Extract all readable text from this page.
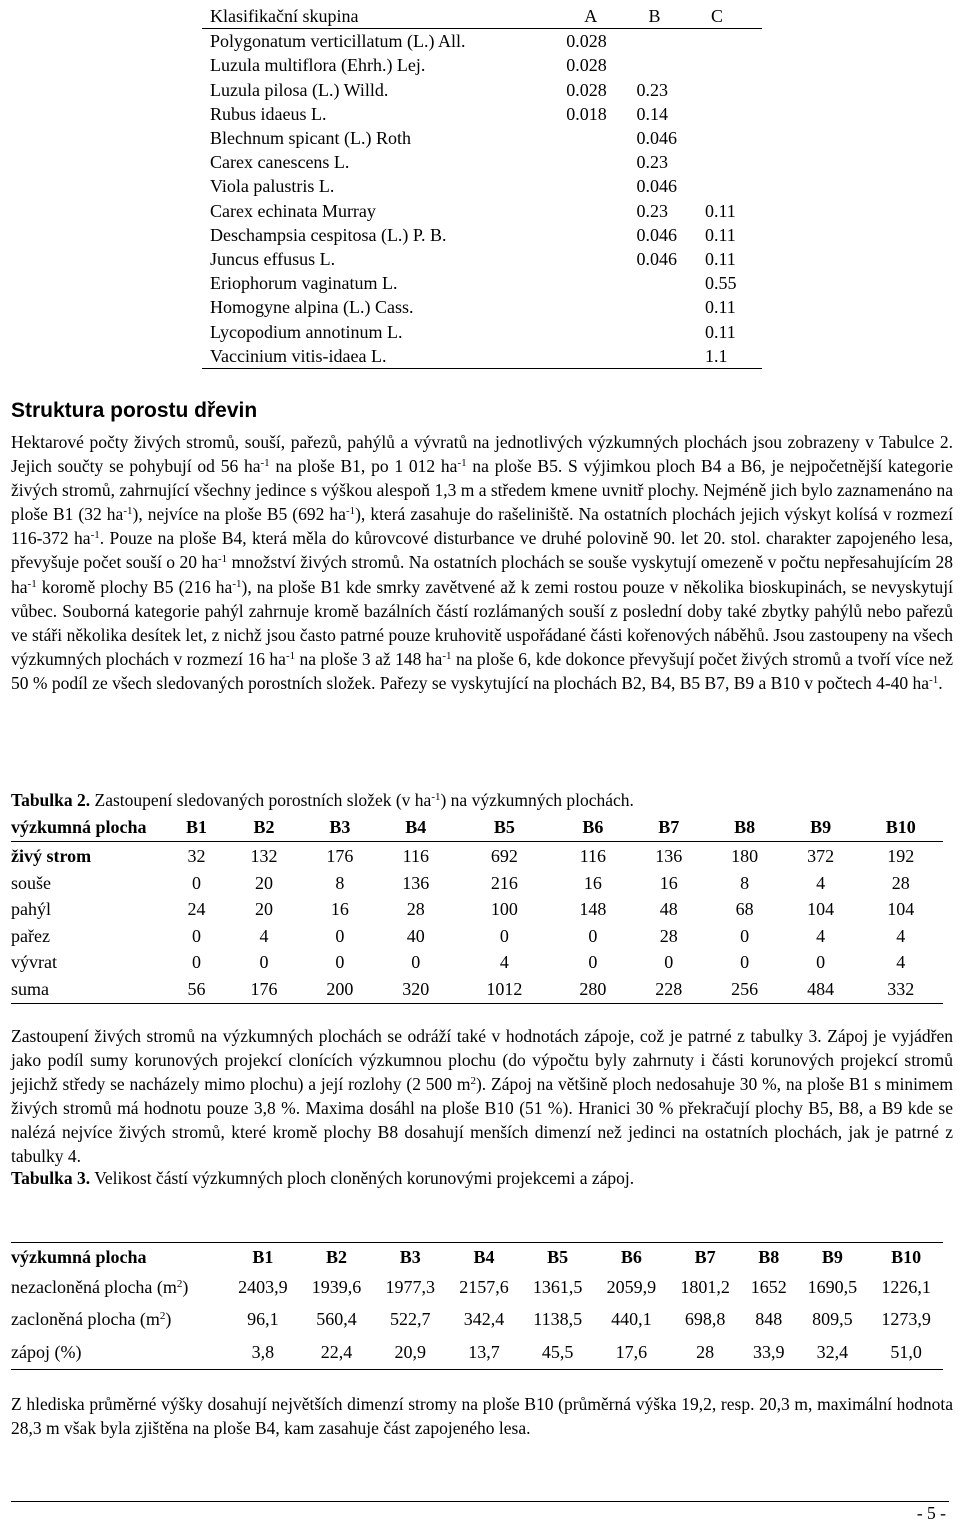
Klasifikační skupina	A	B	C
Polygonatum verticillatum (L.) All.	0.028		
Luzula multiflora (Ehrh.) Lej.	0.028		
Luzula pilosa (L.) Willd.	0.028	0.23	
Rubus idaeus L.	0.018	0.14	
Blechnum spicant (L.) Roth		0.046	
Carex canescens L.		0.23	
Viola palustris L.		0.046	
Carex echinata Murray		0.23	0.11
Deschampsia cespitosa (L.) P. B.		0.046	0.11
Juncus effusus L.		0.046	0.11
Eriophorum vaginatum L.			0.55
Homogyne alpina (L.) Cass.			0.11
Lycopodium annotinum L.			0.11
Vaccinium vitis-idaea L.			1.1
Struktura porostu dřevin

Hektarové počty živých stromů, souší, pařezů, pahýlů a vývratů na jednotlivých výzkumných plochách jsou zobrazeny v Tabulce 2. Jejich součty se pohybují od 56 $ha^{-1}$ na ploše B1, po 1 012 $ha^{-1}$ na ploše B5. S výjimkou ploch B4 a B6, je nejpočetnější kategorie živých stromů, zahrnující všechny jedince s výškou alespoň 1,3 m a středem kmene uvnitř plochy. Nejméně jich bylo zaznamenáno na ploše B1 (32 $ha^{-1}$), nejvíce na ploše B5 (692 $ha^{-1}$), která zasahuje do rašeliniště. Na ostatních plochách jejich výskyt kolísá v rozmezí 116-372 $ha^{-1}$. Pouze na ploše B4, která měla do kůrovcové disturbance ve druhé polovině 90. let 20. stol. charakter zapojeného lesa, převyšuje počet souší o 20 $ha^{-1}$ množství živých stromů. Na ostatních plochách se souše vyskytují omezeně v počtu nepřesahujícím 28 $ha^{-1}$ koromě plochy B5 (216 $ha^{-1}$), na ploše B1 kde smrky zavětvené až k zemi rostou pouze v několika bioskupinách, se nevyskytují vůbec. Souborná kategorie pahýl zahrnuje kromě bazálních částí rozlámaných souší z poslední doby také zbytky pahýlů nebo pařezů ve stáři několika desítek let, z nichž jsou často patrné pouze kruhovitě uspořádané části kořenových náběhů. Jsou zastoupeny na všech výzkumných plochách v rozmezí 16 $ha^{-1}$ na ploše 3 až 148 $ha^{-1}$ na ploše 6, kde dokonce převyšují počet živých stromů a tvoří více než 50 % podíl ze všech sledovaných porostních složek. Pařezy se vyskytující na plochách B2, B4, B5 B7, B9 a B10 v počtech 4-40 $ha^{-1}$.

Tabulka 2. Zastoupení sledovaných porostních složek (v $ha^{-1}$) na výzkumných plochách.

výzkumná plocha	B1	B2	B3	B4	B5	B6	B7	B8	B9	B10
živý strom	32	132	176	116	692	116	136	180	372	192
souše	0	20	8	136	216	16	16	8	4	28
pahýl	24	20	16	28	100	148	48	68	104	104
pařez	0	4	0	40	0	0	28	0	4	4
vývrat	0	0	0	0	4	0	0	0	0	4
suma	56	176	200	320	1012	280	228	256	484	332

Zastoupení živých stromů na výzkumných plochách se odráží také v hodnotách zápoje, což je patrné z tabulky 3. Zápoj je vyjádřen jako podíl sumy korunových projekcí clonících výzkumnou plochu (do výpočtu byly zahrnuty i části korunových projekcí stromů jejichž středy se nacházely mimo plochu) a její rozlohy (2 500 $m^2$). Zápoj na většině ploch nedosahuje 30 %, na ploše B1 s minimem živých stromů má hodnotu pouze 3,8 %. Maxima dosáhl na ploše B10 (51 %). Hranici 30 % překračují plochy B5, B8, a B9 kde se nalézá nejvíce živých stromů, které kromě plochy B8 dosahují menších dimenzí než jedinci na ostatních plochách, jak je patrné z tabulky 4.

Tabulka 3. Velikost částí výzkumných ploch cloněných korunovými projekcemi a zápoj.

výzkumná plocha	B1	B2	B3	B4	B5	B6	B7	B8	B9	B10
nezacloněná plocha $(m^2)$	2403,9	1939,6	1977,3	2157,6	1361,5	2059,9	1801,2	1652	1690,5	1226,1
zacloněná plocha $(m^2)$	96,1	560,4	522,7	342,4	1138,5	440,1	698,8	848	809,5	1273,9
zápoj (%)	3,8	22,4	20,9	13,7	45,5	17,6	28	33,9	32,4	51,0

Z hlediska průměrné výšky dosahují největších dimenzí stromy na ploše B10 (průměrná výška 19,2, resp. 20,3 m, maximální hodnota 28,3 m však byla zjištěna na ploše B4, kam zasahuje část zapojeného lesa.

- 5 -
